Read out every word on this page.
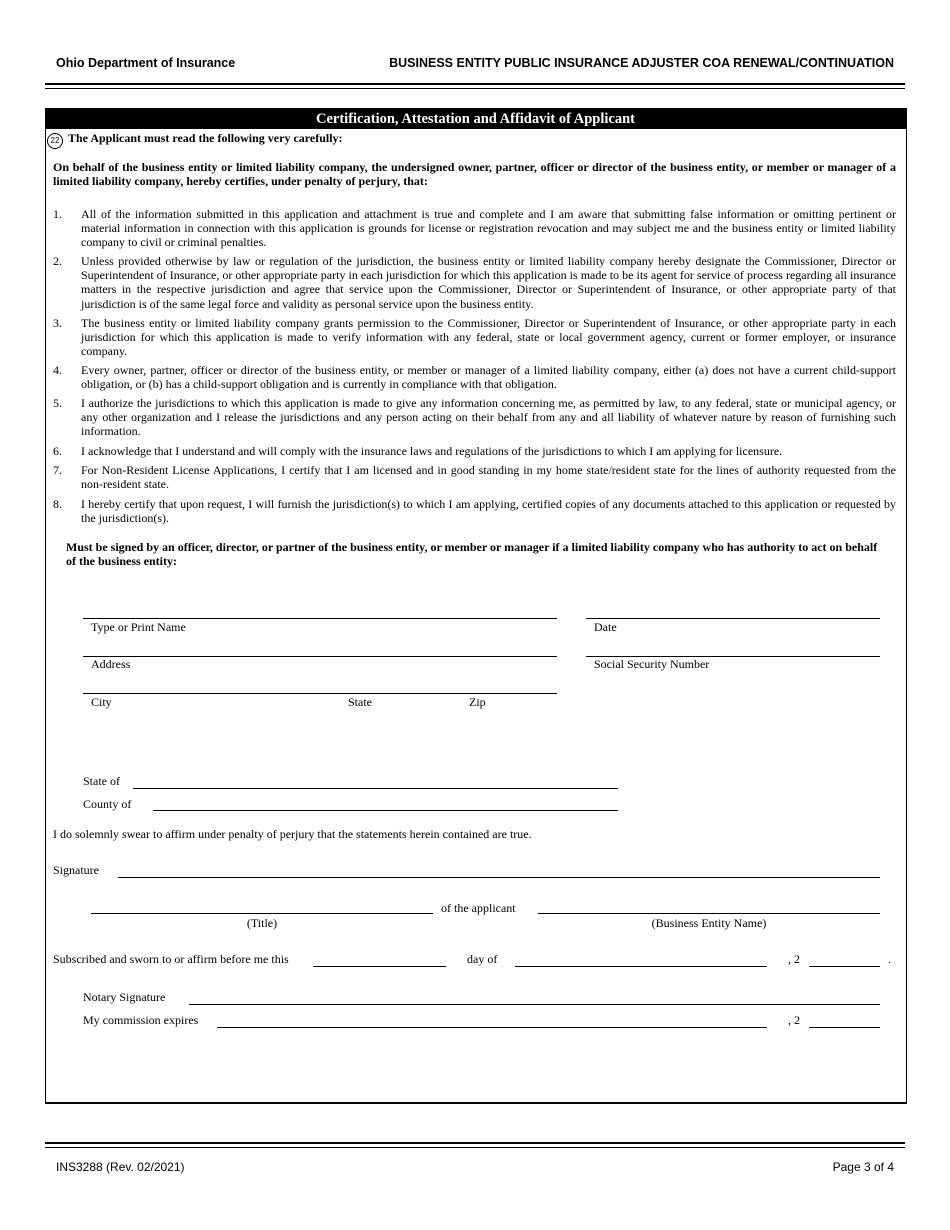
Ohio Department of Insurance	BUSINESS ENTITY PUBLIC INSURANCE ADJUSTER COA RENEWAL/CONTINUATION
Certification, Attestation and Affidavit of Applicant
22 The Applicant must read the following very carefully:
On behalf of the business entity or limited liability company, the undersigned owner, partner, officer or director of the business entity, or member or manager of a limited liability company, hereby certifies, under penalty of perjury, that:
1. All of the information submitted in this application and attachment is true and complete and I am aware that submitting false information or omitting pertinent or material information in connection with this application is grounds for license or registration revocation and may subject me and the business entity or limited liability company to civil or criminal penalties.
2. Unless provided otherwise by law or regulation of the jurisdiction, the business entity or limited liability company hereby designate the Commissioner, Director or Superintendent of Insurance, or other appropriate party in each jurisdiction for which this application is made to be its agent for service of process regarding all insurance matters in the respective jurisdiction and agree that service upon the Commissioner, Director or Superintendent of Insurance, or other appropriate party of that jurisdiction is of the same legal force and validity as personal service upon the business entity.
3. The business entity or limited liability company grants permission to the Commissioner, Director or Superintendent of Insurance, or other appropriate party in each jurisdiction for which this application is made to verify information with any federal, state or local government agency, current or former employer, or insurance company.
4. Every owner, partner, officer or director of the business entity, or member or manager of a limited liability company, either (a) does not have a current child-support obligation, or (b) has a child-support obligation and is currently in compliance with that obligation.
5. I authorize the jurisdictions to which this application is made to give any information concerning me, as permitted by law, to any federal, state or municipal agency, or any other organization and I release the jurisdictions and any person acting on their behalf from any and all liability of whatever nature by reason of furnishing such information.
6. I acknowledge that I understand and will comply with the insurance laws and regulations of the jurisdictions to which I am applying for licensure.
7. For Non-Resident License Applications, I certify that I am licensed and in good standing in my home state/resident state for the lines of authority requested from the non-resident state.
8. I hereby certify that upon request, I will furnish the jurisdiction(s) to which I am applying, certified copies of any documents attached to this application or requested by the jurisdiction(s).
Must be signed by an officer, director, or partner of the business entity, or member or manager if a limited liability company who has authority to act on behalf of the business entity:
Type or Print Name	Date
Address	Social Security Number
City	State	Zip
State of
County of
I do solemnly swear to affirm under penalty of perjury that the statements herein contained are true.
Signature
of the applicant
(Title)	(Business Entity Name)
Subscribed and sworn to or affirm before me this	day of	, 2	.
Notary Signature
My commission expires	, 2
INS3288 (Rev. 02/2021)	Page 3 of 4
